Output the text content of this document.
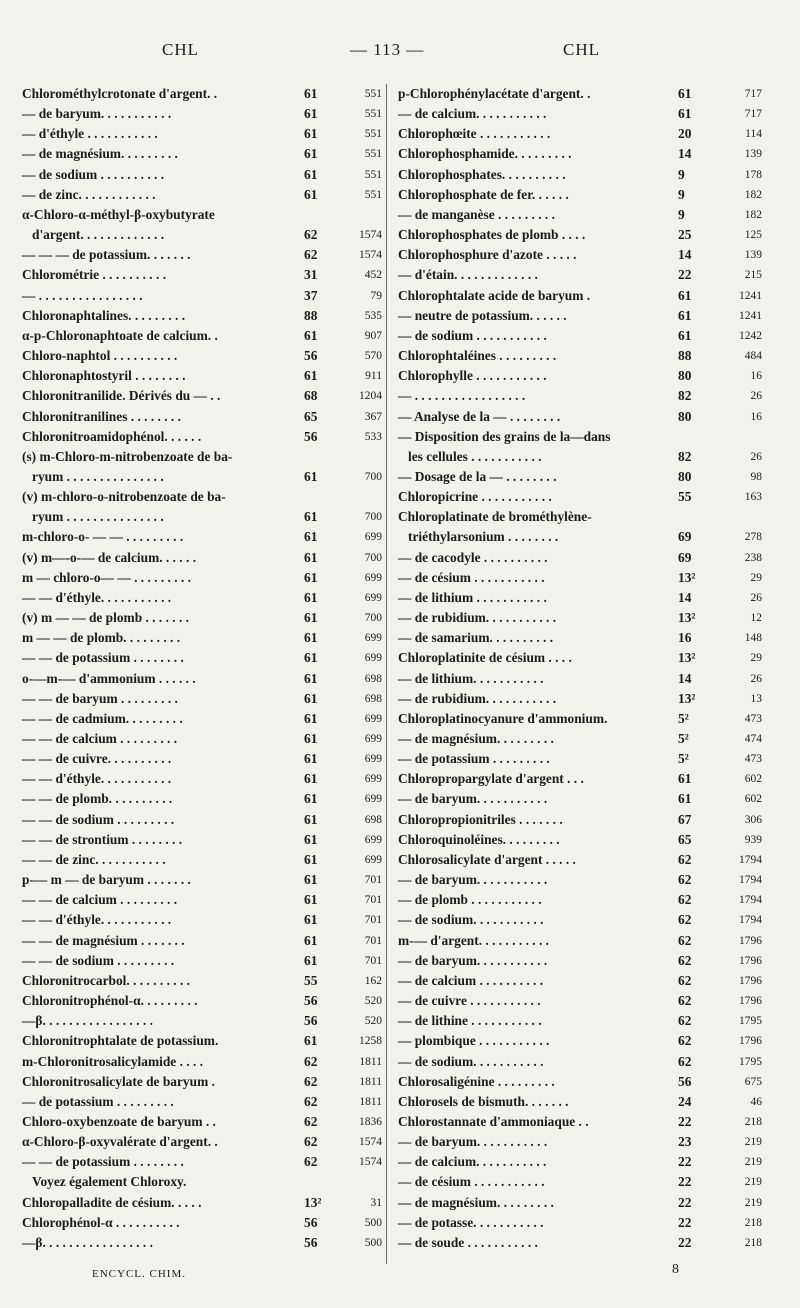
CHL	— 113 —	CHL
Chlorométhylcrotonate d'argent. .	61	551
— de baryum. . . . . . . . . . .	61	551
— d'éthyle . . . . . . . . . . .	61	551
— de magnésium. . . . . . . . .	61	551
— de sodium . . . . . . . . . .	61	551
— de zinc. . . . . . . . . . . .	61	551
α-Chloro-α-méthyl-β-oxybutyrate
d'argent. . . . . . . . . . . . .	62	1574
— — — de potassium. . . . . . .	62	1574
Chlorométrie . . . . . . . . . .	31	452
— . . . . . . . . . . . . . . . .	37	79
Chloronaphtalines. . . . . . . . .	88	535
α-p-Chloronaphtoate de calcium. .	61	907
Chloro-naphtol . . . . . . . . . .	56	570
Chloronaphtostyril . . . . . . . .	61	911
Chloronitranilide. Dérivés du — . .	68	1204
Chloronitranilines . . . . . . . .	65	367
Chloronitroamidophénol. . . . . .	56	533
(s) m-Chloro-m-nitrobenzoate de ba-
ryum . . . . . . . . . . . . . . .	61	700
(v) m-chloro-o-nitrobenzoate de ba-
ryum . . . . . . . . . . . . . . .	61	700
m-chloro-o- — — . . . . . . . . .	61	699
(v) m—-o-— de calcium. . . . . .	61	700
m — chloro-o— — . . . . . . . . .	61	699
— — d'éthyle. . . . . . . . . . .	61	699
(v) m — — de plomb . . . . . . .	61	700
m — — de plomb. . . . . . . . .	61	699
— — de potassium . . . . . . . .	61	699
o-—m-— d'ammonium . . . . . .	61	698
— — de baryum . . . . . . . . .	61	698
— — de cadmium. . . . . . . . .	61	699
— — de calcium . . . . . . . . .	61	699
— — de cuivre. . . . . . . . . .	61	699
— — d'éthyle. . . . . . . . . . .	61	699
— — de plomb. . . . . . . . . .	61	699
— — de sodium . . . . . . . . .	61	698
— — de strontium . . . . . . . .	61	699
— — de zinc. . . . . . . . . . .	61	699
p-— m — de baryum . . . . . . .	61	701
— — de calcium . . . . . . . . .	61	701
— — d'éthyle. . . . . . . . . . .	61	701
— — de magnésium . . . . . . .	61	701
— — de sodium . . . . . . . . .	61	701
Chloronitrocarbol. . . . . . . . . .	55	162
Chloronitrophénol-α. . . . . . . . .	56	520
—β. . . . . . . . . . . . . . . . .	56	520
Chloronitrophtalate de potassium.	61	1258
m-Chloronitrosalicylamide . . . .	62	1811
Chloronitrosalicylate de baryum .	62	1811
— de potassium . . . . . . . . .	62	1811
Chloro-oxybenzoate de baryum . .	62	1836
α-Chloro-β-oxyvalérate d'argent. .	62	1574
— — de potassium . . . . . . . .	62	1574
Voyez également Chloroxy.
Chloropalladite de césium. . . . .	13²	31
Chlorophénol-α . . . . . . . . . .	56	500
—β. . . . . . . . . . . . . . . . .	56	500
p-Chlorophénylacétate d'argent. .	61	717
— de calcium. . . . . . . . . . .	61	717
Chlorophœite . . . . . . . . . . .	20	114
Chlorophosphamide. . . . . . . . .	14	139
Chlorophosphates. . . . . . . . . .	9	178
Chlorophosphate de fer. . . . . .	9	182
— de manganèse . . . . . . . . .	9	182
Chlorophosphates de plomb . . . .	25	125
Chlorophosphure d'azote . . . . .	14	139
— d'étain. . . . . . . . . . . . .	22	215
Chlorophtalate acide de baryum .	61	1241
— neutre de potassium. . . . . .	61	1241
— de sodium . . . . . . . . . . .	61	1242
Chlorophtaléines . . . . . . . . .	88	484
Chlorophylle . . . . . . . . . . .	80	16
— . . . . . . . . . . . . . . . . .	82	26
— Analyse de la — . . . . . . . .	80	16
— Disposition des grains de la—dans
les cellules . . . . . . . . . . .	82	26
— Dosage de la — . . . . . . . .	80	98
Chloropicrine . . . . . . . . . . .	55	163
Chloroplatinate de brométhylène-
triéthylarsonium . . . . . . . .	69	278
— de cacodyle . . . . . . . . . .	69	238
— de césium . . . . . . . . . . .	13²	29
— de lithium . . . . . . . . . . .	14	26
— de rubidium. . . . . . . . . . .	13²	12
— de samarium. . . . . . . . . .	16	148
Chloroplatinite de césium . . . .	13²	29
— de lithium. . . . . . . . . . .	14	26
— de rubidium. . . . . . . . . . .	13²	13
Chloroplatinocyanure d'ammonium.	5²	473
— de magnésium. . . . . . . . .	5²	474
— de potassium . . . . . . . . .	5²	473
Chloropropargylate d'argent . . .	61	602
— de baryum. . . . . . . . . . .	61	602
Chloropropionitriles . . . . . . .	67	306
Chloroquinoléines. . . . . . . . .	65	939
Chlorosalicylate d'argent . . . . .	62	1794
— de baryum. . . . . . . . . . .	62	1794
— de plomb . . . . . . . . . . .	62	1794
— de sodium. . . . . . . . . . .	62	1794
m-— d'argent. . . . . . . . . . .	62	1796
— de baryum. . . . . . . . . . .	62	1796
— de calcium . . . . . . . . . .	62	1796
— de cuivre . . . . . . . . . . .	62	1796
— de lithine . . . . . . . . . . .	62	1795
— plombique . . . . . . . . . . .	62	1796
— de sodium. . . . . . . . . . .	62	1795
Chlorosaligénine . . . . . . . . .	56	675
Chlorosels de bismuth. . . . . . .	24	46
Chlorostannate d'ammoniaque . .	22	218
— de baryum. . . . . . . . . . .	23	219
— de calcium. . . . . . . . . . .	22	219
— de césium . . . . . . . . . . .	22	219
— de magnésium. . . . . . . . .	22	219
— de potasse. . . . . . . . . . .	22	218
— de soude . . . . . . . . . . .	22	218
ENCYCL. CHIM.	8
